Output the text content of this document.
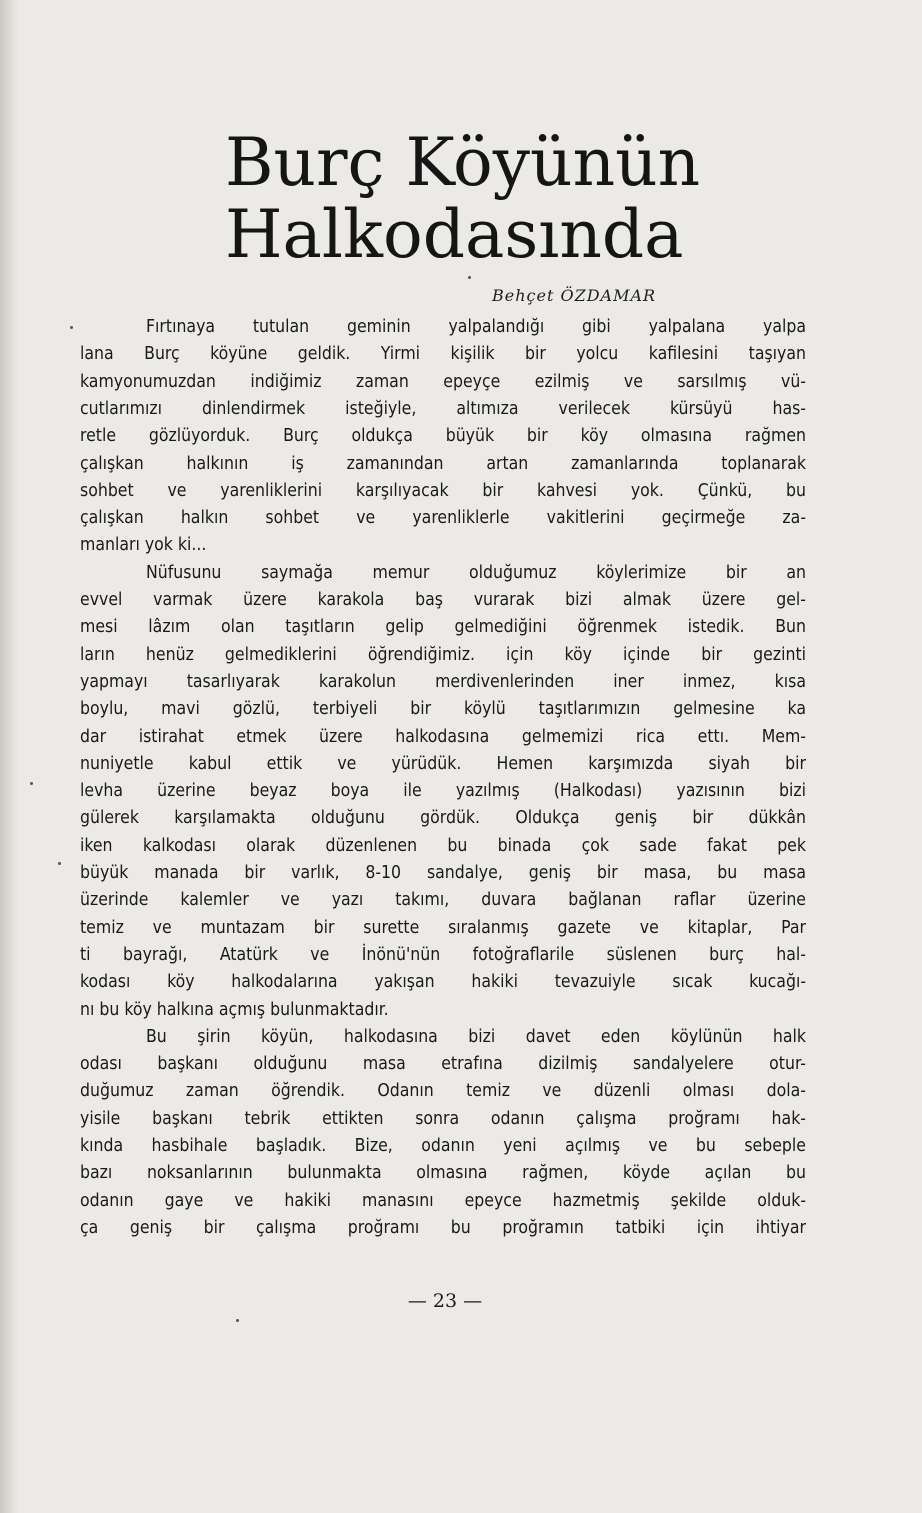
Burç Köyünün
Halkodasında
Behçet ÖZDAMAR
Fırtınaya tutulan geminin yalpalandığı gibi yalpalana yalpa
lana Burç köyüne geldik. Yirmi kişilik bir yolcu kafilesini taşıyan
kamyonumuzdan indiğimiz zaman epeyçe ezilmiş ve sarsılmış vü-
cutlarımızı dinlendirmek isteğiyle, altımıza verilecek kürsüyü has-
retle gözlüyorduk. Burç oldukça büyük bir köy olmasına rağmen
çalışkan halkının iş zamanından artan zamanlarında toplanarak
sohbet ve yarenliklerini karşılıyacak bir kahvesi yok. Çünkü, bu
çalışkan halkın sohbet ve yarenliklerle vakitlerini geçirmeğe za-
manları yok ki...
Nüfusunu saymağa memur olduğumuz köylerimize bir an
evvel varmak üzere karakola baş vurarak bizi almak üzere gel-
mesi lâzım olan taşıtların gelip gelmediğini öğrenmek istedik. Bun
ların henüz gelmediklerini öğrendiğimiz. için köy içinde bir gezinti
yapmayı tasarlıyarak karakolun merdivenlerinden iner inmez, kısa
boylu, mavi gözlü, terbiyeli bir köylü taşıtlarımızın gelmesine ka
dar istirahat etmek üzere halkodasına gelmemizi rica ettı. Mem-
nuniyetle kabul ettik ve yürüdük. Hemen karşımızda siyah bir
levha üzerine beyaz boya ile yazılmış (Halkodası) yazısının bizi
gülerek karşılamakta olduğunu gördük. Oldukça geniş bir dükkân
iken kalkodası olarak düzenlenen bu binada çok sade fakat pek
büyük manada bir varlık, 8-10 sandalye, geniş bir masa, bu masa
üzerinde kalemler ve yazı takımı, duvara bağlanan raflar üzerine
temiz ve muntazam bir surette sıralanmış gazete ve kitaplar, Par
ti bayrağı, Atatürk ve İnönü'nün fotoğraflarile süslenen burç hal-
kodası köy halkodalarına yakışan hakiki tevazuiyle sıcak kucağı-
nı bu köy halkına açmış bulunmaktadır.
Bu şirin köyün, halkodasına bizi davet eden köylünün halk
odası başkanı olduğunu masa etrafına dizilmiş sandalyelere otur-
duğumuz zaman öğrendik. Odanın temiz ve düzenli olması dola-
yisile başkanı tebrik ettikten sonra odanın çalışma proğramı hak-
kında hasbihale başladık. Bize, odanın yeni açılmış ve bu sebeple
bazı noksanlarının bulunmakta olmasına rağmen, köyde açılan bu
odanın gaye ve hakiki manasını epeyce hazmetmiş şekilde olduk-
ça geniş bir çalışma proğramı bu proğramın tatbiki için ihtiyar
— 23 —
